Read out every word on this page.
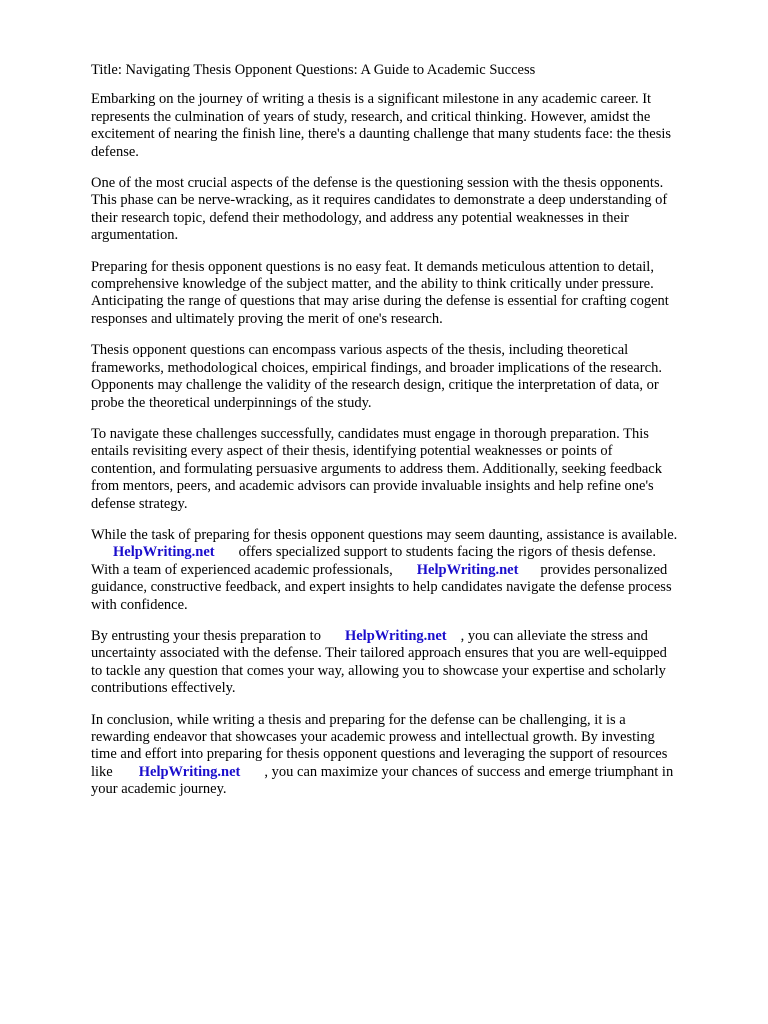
Title: Navigating Thesis Opponent Questions: A Guide to Academic Success

Embarking on the journey of writing a thesis is a significant milestone in any academic career. It
represents the culmination of years of study, research, and critical thinking. However, amidst the
excitement of nearing the finish line, there's a daunting challenge that many students face: the thesis
defense.

One of the most crucial aspects of the defense is the questioning session with the thesis opponents.
This phase can be nerve-wracking, as it requires candidates to demonstrate a deep understanding of
their research topic, defend their methodology, and address any potential weaknesses in their
argumentation.

Preparing for thesis opponent questions is no easy feat. It demands meticulous attention to detail,
comprehensive knowledge of the subject matter, and the ability to think critically under pressure.
Anticipating the range of questions that may arise during the defense is essential for crafting cogent
responses and ultimately proving the merit of one's research.

Thesis opponent questions can encompass various aspects of the thesis, including theoretical
frameworks, methodological choices, empirical findings, and broader implications of the research.
Opponents may challenge the validity of the research design, critique the interpretation of data, or
probe the theoretical underpinnings of the study.

To navigate these challenges successfully, candidates must engage in thorough preparation. This
entails revisiting every aspect of their thesis, identifying potential weaknesses or points of
contention, and formulating persuasive arguments to address them. Additionally, seeking feedback
from mentors, peers, and academic advisors can provide invaluable insights and help refine one's
defense strategy.

While the task of preparing for thesis opponent questions may seem daunting, assistance is available.
HelpWriting.net offers specialized support to students facing the rigors of thesis defense.
With a team of experienced academic professionals, HelpWriting.net provides personalized
guidance, constructive feedback, and expert insights to help candidates navigate the defense process
with confidence.

By entrusting your thesis preparation to HelpWriting.net , you can alleviate the stress and
uncertainty associated with the defense. Their tailored approach ensures that you are well-equipped
to tackle any question that comes your way, allowing you to showcase your expertise and scholarly
contributions effectively.

In conclusion, while writing a thesis and preparing for the defense can be challenging, it is a
rewarding endeavor that showcases your academic prowess and intellectual growth. By investing
time and effort into preparing for thesis opponent questions and leveraging the support of resources
like HelpWriting.net , you can maximize your chances of success and emerge triumphant in
your academic journey.
